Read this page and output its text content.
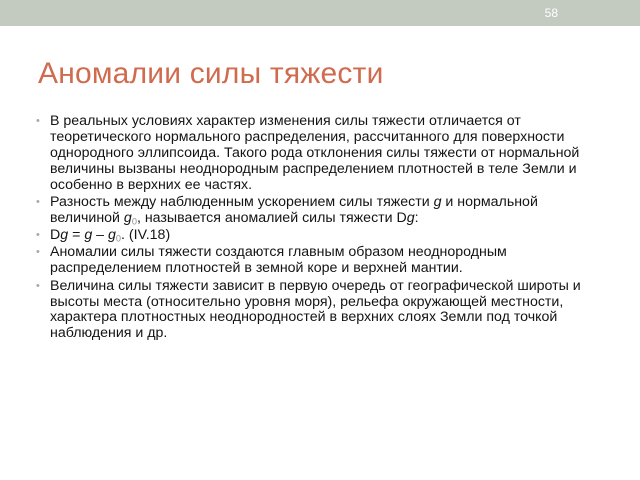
58
Аномалии силы тяжести
• В реальных условиях характер изменения силы тяжести отличается от теоретического нормального распределения, рассчитанного для поверхности однородного эллипсоида. Такого рода отклонения силы тяжести от нормальной величины вызваны неоднородным распределением плотностей в теле Земли и особенно в верхних ее частях.
• Разность между наблюденным ускорением силы тяжести g и нормальной величиной $g_0$, называется аномалией силы тяжести Dg:
• $Dg = g - g_0$. (IV.18)
• Аномалии силы тяжести создаются главным образом неоднородным распределением плотностей в земной коре и верхней мантии.
• Величина силы тяжести зависит в первую очередь от географической широты и высоты места (относительно уровня моря), рельефа окружающей местности, характера плотностных неоднородностей в верхних слоях Земли под точкой наблюдения и др.
